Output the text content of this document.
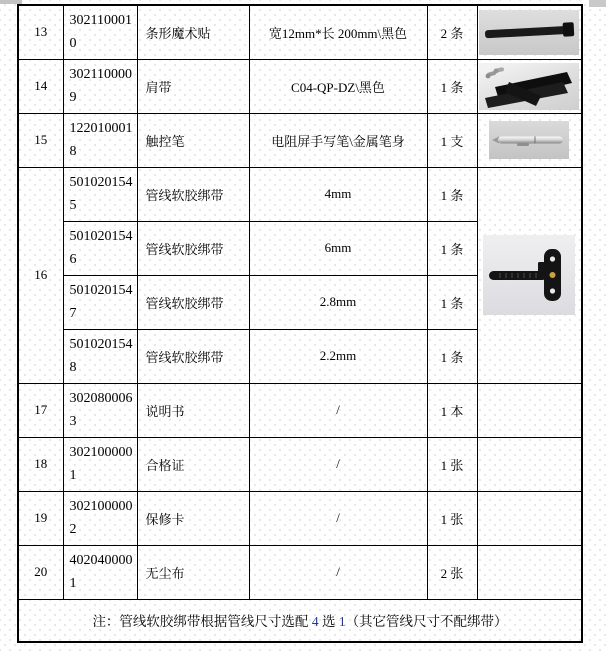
13	3021100010	条形魔术贴	宽12mm*长 200mm\黑色	2 条	

14	3021100009	肩带	C04-QP-DZ\黑色	1 条	

15	1220100018	触控笔	电阻屏手写笔\金属笔身	1 支	

16	5010201545	管线软胶绑带	4mm	1 条	

	5010201546	管线软胶绑带	6mm	1 条	
	5010201547	管线软胶绑带	2.8mm	1 条	
	5010201548	管线软胶绑带	2.2mm	1 条	
17	3020800063	说明书	/	1 本	
18	3021000001	合格证	/	1 张	
19	3021000002	保修卡	/	1 张	
20	4020400001	无尘布	/	2 张	
注：管线软胶绑带根据管线尺寸选配 4 选 1（其它管线尺寸不配绑带）					
